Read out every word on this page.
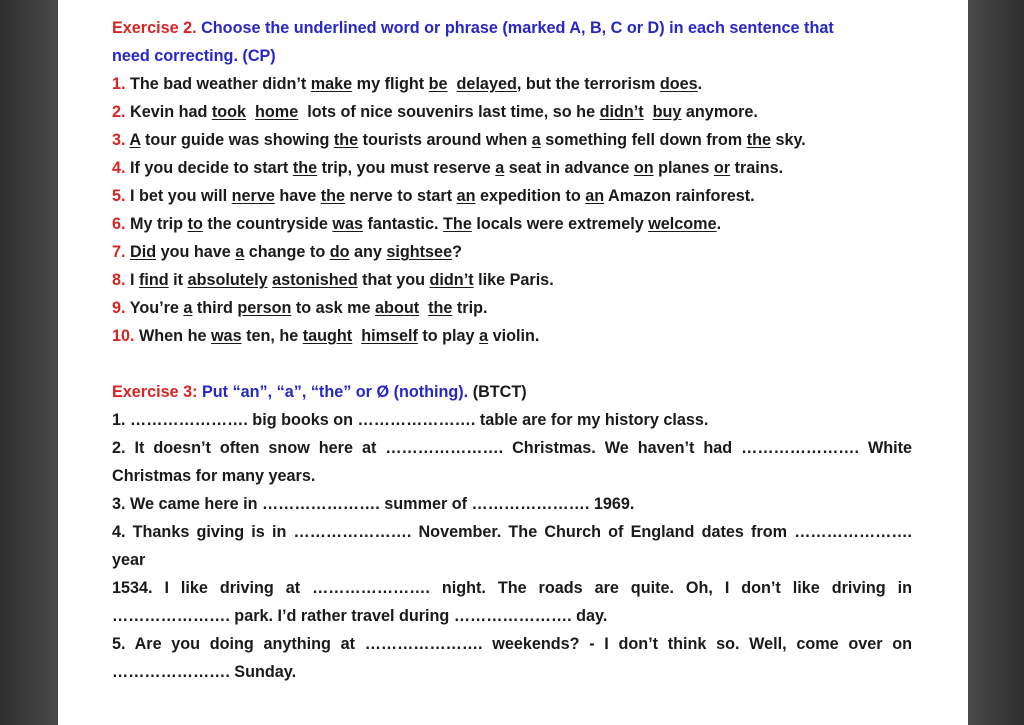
Exercise 2. Choose the underlined word or phrase (marked A, B, C or D) in each sentence that
need correcting. (CP)
1. The bad weather didn’t make my flight be delayed, but the terrorism does.
2. Kevin had took home  lots of nice souvenirs last time, so he didn’t buy anymore.
3. A tour guide was showing the tourists around when a something fell down from the sky.
4. If you decide to start the trip, you must reserve a seat in advance on planes or trains.
5. I bet you will nerve have the nerve to start an expedition to an Amazon rainforest.
6. My trip to the countryside was fantastic. The locals were extremely welcome.
7. Did you have a change to do any sightsee?
8. I find it absolutely astonished that you didn’t like Paris.
9. You’re a third person to ask me about the trip.
10. When he was ten, he taught himself to play a violin.
Exercise 3: Put “an”, “a”, “the” or Ø (nothing). (BTCT)
1. …………………. big books on …………………. table are for my history class.
2. It doesn’t often snow here at …………………. Christmas. We haven’t had …………………. White
Christmas for many years.
3. We came here in …………………. summer of …………………. 1969.
4. Thanks giving is in …………………. November. The Church of England dates from …………………. year
1534. I like driving at …………………. night. The roads are quite. Oh, I don’t like driving in
…………………. park. I’d rather travel during …………………. day.
5. Are you doing anything at …………………. weekends? - I don’t think so. Well, come over on
…………………. Sunday.
